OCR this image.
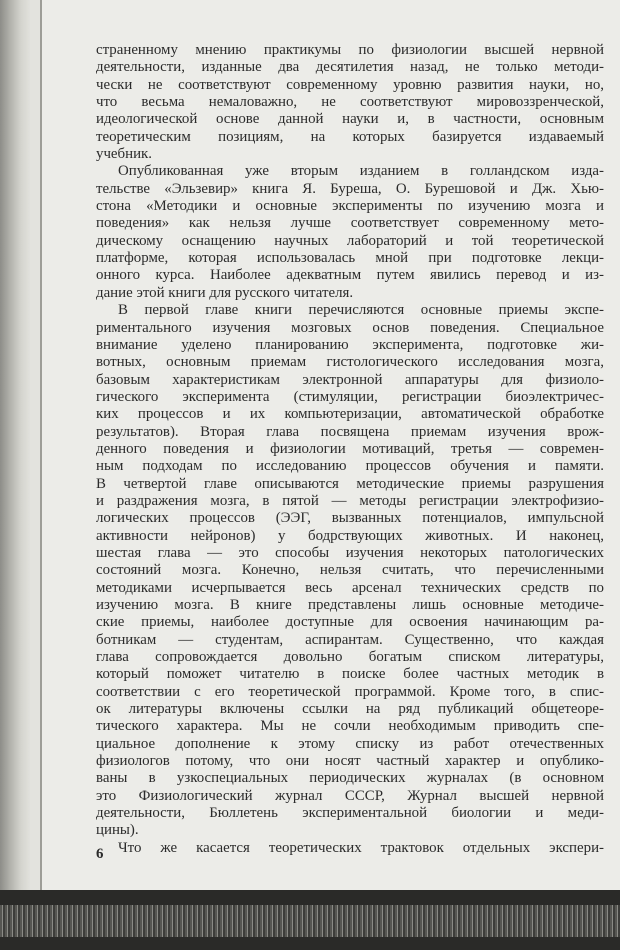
страненному мнению практикумы по физиологии высшей нервной
деятельности, изданные два десятилетия назад, не только методи-
чески не соответствуют современному уровню развития науки, но,
что весьма немаловажно, не соответствуют мировоззренческой,
идеологической основе данной науки и, в частности, основным
теоретическим позициям, на которых базируется издаваемый
учебник.
Опубликованная уже вторым изданием в голландском изда-
тельстве «Эльзевир» книга Я. Буреша, О. Бурешовой и Дж. Хью-
стона «Методики и основные эксперименты по изучению мозга и
поведения» как нельзя лучше соответствует современному мето-
дическому оснащению научных лабораторий и той теоретической
платформе, которая использовалась мной при подготовке лекци-
онного курса. Наиболее адекватным путем явились перевод и из-
дание этой книги для русского читателя.
В первой главе книги перечисляются основные приемы экспе-
риментального изучения мозговых основ поведения. Специальное
внимание уделено планированию эксперимента, подготовке жи-
вотных, основным приемам гистологического исследования мозга,
базовым характеристикам электронной аппаратуры для физиоло-
гического эксперимента (стимуляции, регистрации биоэлектричес-
ких процессов и их компьютеризации, автоматической обработке
результатов). Вторая глава посвящена приемам изучения врож-
денного поведения и физиологии мотиваций, третья — современ-
ным подходам по исследованию процессов обучения и памяти.
В четвертой главе описываются методические приемы разрушения
и раздражения мозга, в пятой — методы регистрации электрофизио-
логических процессов (ЭЭГ, вызванных потенциалов, импульсной
активности нейронов) у бодрствующих животных. И наконец,
шестая глава — это способы изучения некоторых патологических
состояний мозга. Конечно, нельзя считать, что перечисленными
методиками исчерпывается весь арсенал технических средств по
изучению мозга. В книге представлены лишь основные методиче-
ские приемы, наиболее доступные для освоения начинающим ра-
ботникам — студентам, аспирантам. Существенно, что каждая
глава сопровождается довольно богатым списком литературы,
который поможет читателю в поиске более частных методик в
соответствии с его теоретической программой. Кроме того, в спис-
ок литературы включены ссылки на ряд публикаций общетеоре-
тического характера. Мы не сочли необходимым приводить спе-
циальное дополнение к этому списку из работ отечественных
физиологов потому, что они носят частный характер и опублико-
ваны в узкоспециальных периодических журналах (в основном
это Физиологический журнал СССР, Журнал высшей нервной
деятельности, Бюллетень экспериментальной биологии и меди-
цины).
Что же касается теоретических трактовок отдельных экспери-
6
